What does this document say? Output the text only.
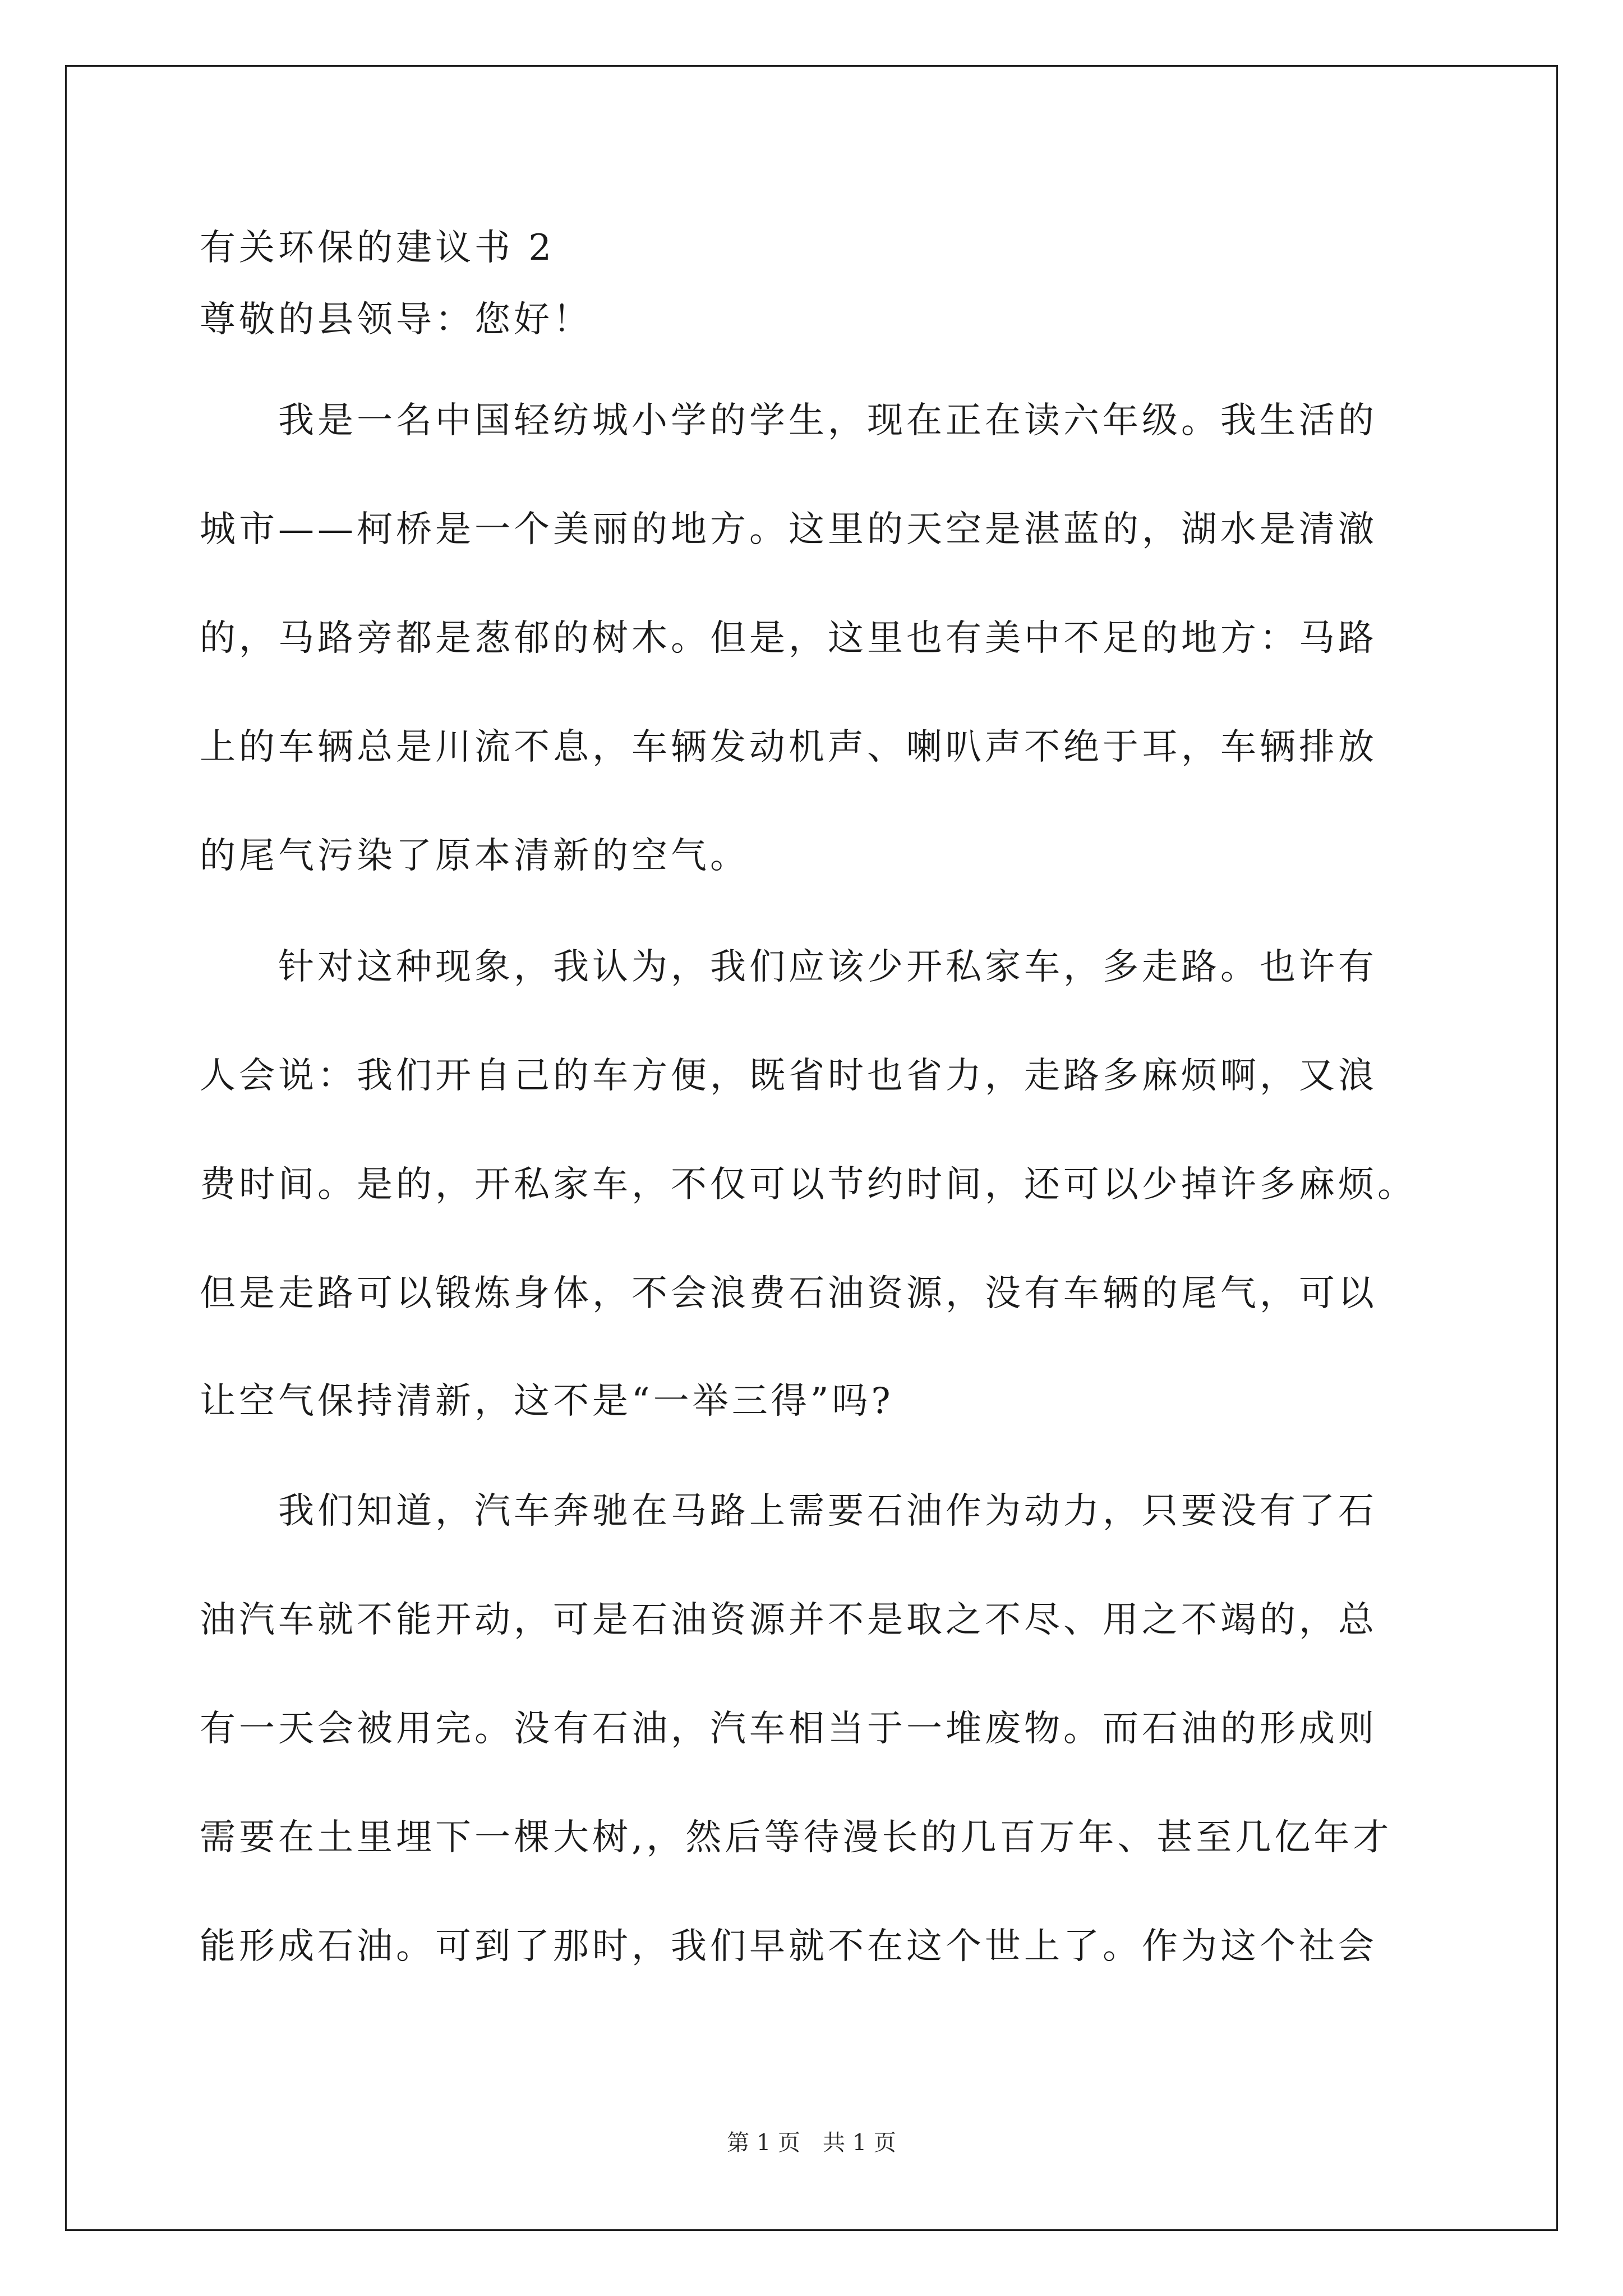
有关环保的建议书 2
尊敬的县领导：您好！
　　我是一名中国轻纺城小学的学生，现在正在读六年级。我生活的
城市——柯桥是一个美丽的地方。这里的天空是湛蓝的，湖水是清澈
的，马路旁都是葱郁的树木。但是，这里也有美中不足的地方：马路
上的车辆总是川流不息，车辆发动机声、喇叭声不绝于耳，车辆排放
的尾气污染了原本清新的空气。
　　针对这种现象，我认为，我们应该少开私家车，多走路。也许有
人会说：我们开自己的车方便，既省时也省力，走路多麻烦啊，又浪
费时间。是的，开私家车，不仅可以节约时间，还可以少掉许多麻烦。
但是走路可以锻炼身体，不会浪费石油资源，没有车辆的尾气，可以
让空气保持清新，这不是“一举三得”吗?
　　我们知道，汽车奔驰在马路上需要石油作为动力，只要没有了石
油汽车就不能开动，可是石油资源并不是取之不尽、用之不竭的，总
有一天会被用完。没有石油，汽车相当于一堆废物。而石油的形成则
需要在土里埋下一棵大树,，然后等待漫长的几百万年、甚至几亿年才
能形成石油。可到了那时，我们早就不在这个世上了。作为这个社会
第 1 页　共 1 页
